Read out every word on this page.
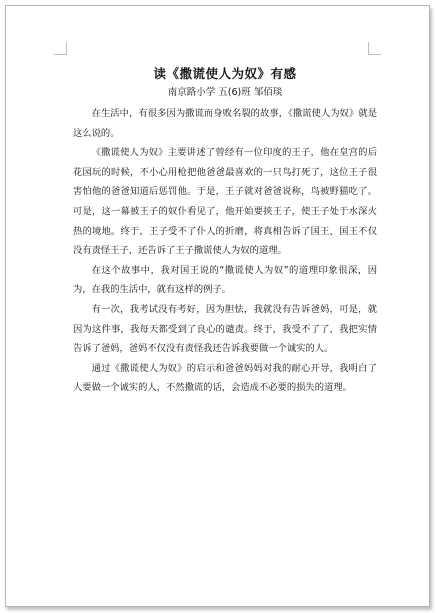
读《撒谎使人为奴》有感
南京路小学 五(6)班 邹佰琰

在生活中，有很多因为撒谎而身败名裂的故事，《撒谎使人为奴》就是这么说的。

《撒谎使人为奴》主要讲述了曾经有一位印度的王子，他在皇宫的后花园玩的时候，不小心用枪把他爸爸最喜欢的一只鸟打死了，这位王子很害怕他的爸爸知道后惩罚他。于是，王子就对爸爸说称，鸟被野猫吃了。可是，这一幕被王子的奴仆看见了，他开始要挟王子，使王子处于水深火热的境地。终于，王子受不了仆人的折磨，将真相告诉了国王，国王不仅没有责怪王子，还告诉了王子撒谎使人为奴的道理。

在这个故事中，我对国王说的“撒谎使人为奴”的道理印象很深，因为，在我的生活中，就有这样的例子。

有一次，我考试没有考好，因为胆怯，我就没有告诉爸妈，可是，就因为这件事，我每天都受到了良心的谴责。终于，我受不了了，我把实情告诉了爸妈，爸妈不仅没有责怪我还告诉我要做一个诚实的人。

通过《撒谎使人为奴》的启示和爸爸妈妈对我的耐心开导，我明白了人要做一个诚实的人，不然撒谎的话，会造成不必要的损失的道理。
